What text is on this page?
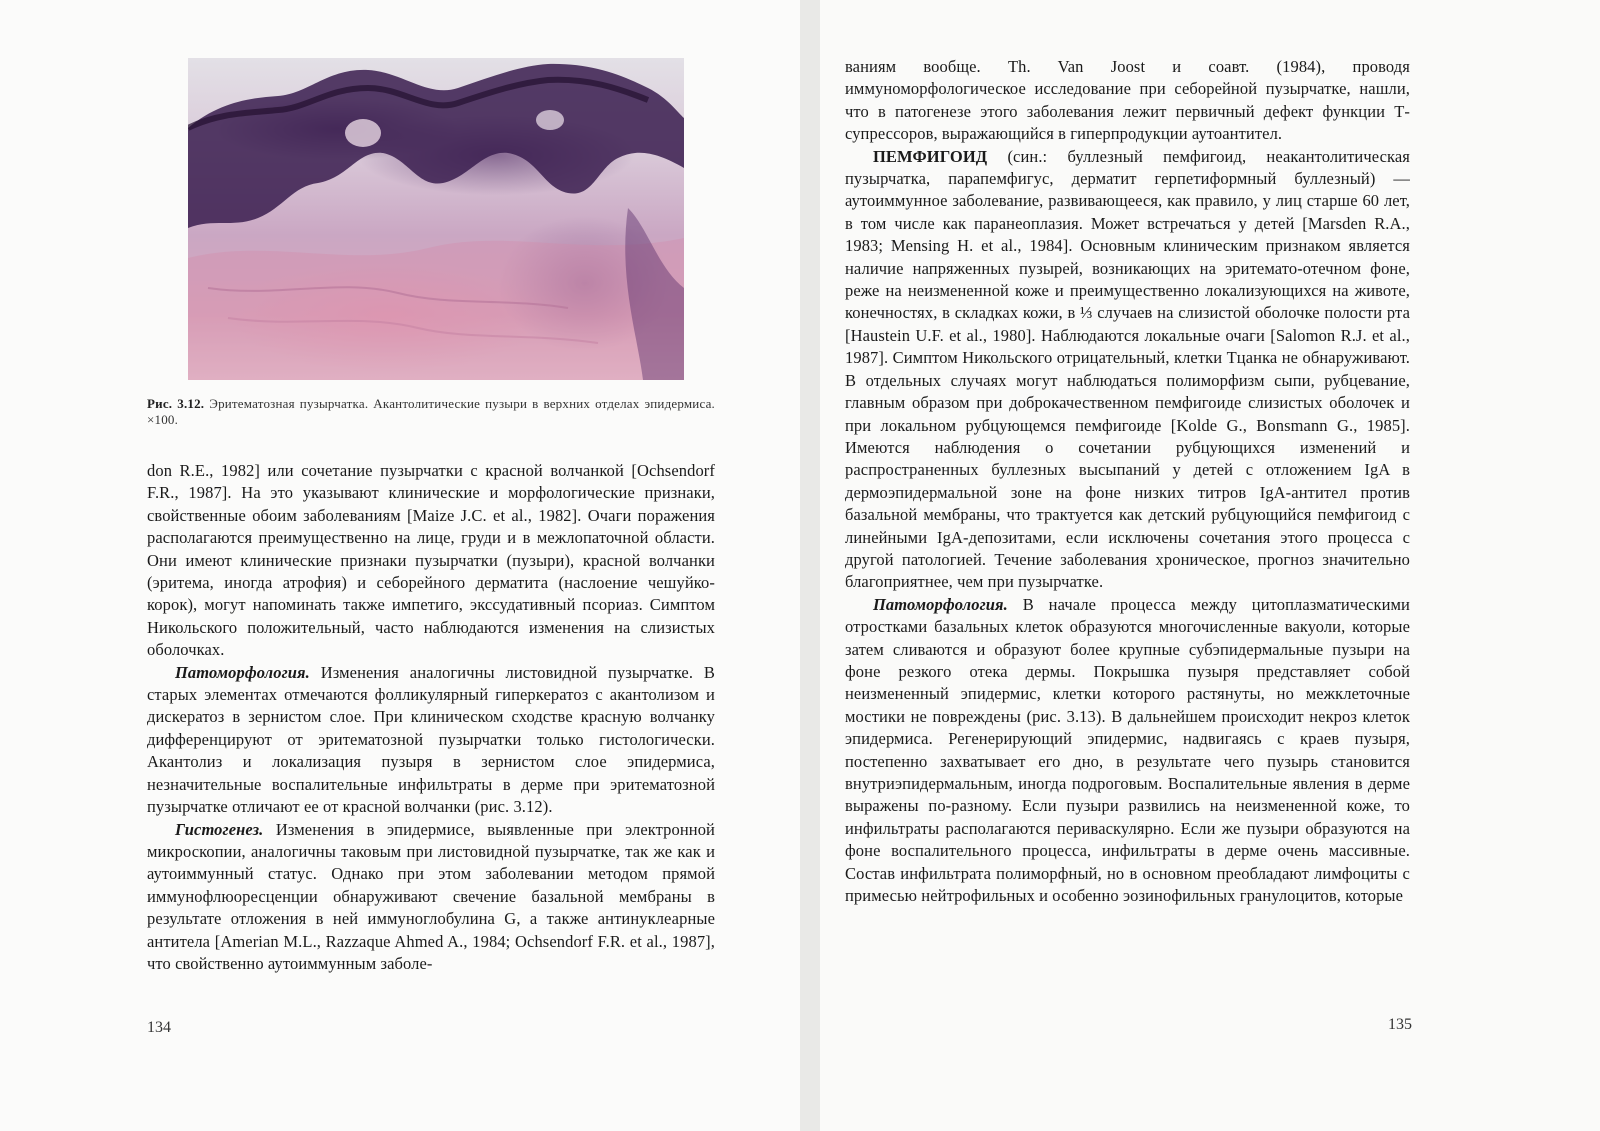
Рис. 3.12. Эритематозная пузырчатка. Акантолитические пузыри в верхних отделах эпидермиса. ×100.

don R.E., 1982] или сочетание пузырчатки с красной волчанкой [Ochsendorf F.R., 1987]. На это указывают клинические и морфологические признаки, свойственные обоим заболеваниям [Maize J.C. et al., 1982]. Очаги поражения располагаются преимущественно на лице, груди и в межлопаточной области. Они имеют клинические признаки пузырчатки (пузыри), красной волчанки (эритема, иногда атрофия) и себорейного дерматита (наслоение чешуйко-корок), могут напоминать также импетиго, экссудативный псориаз. Симптом Никольского положительный, часто наблюдаются изменения на слизистых оболочках.

Патоморфология. Изменения аналогичны листовидной пузырчатке. В старых элементах отмечаются фолликулярный гиперкератоз с акантолизом и дискератоз в зернистом слое. При клиническом сходстве красную волчанку дифференцируют от эритематозной пузырчатки только гистологически. Акантолиз и локализация пузыря в зернистом слое эпидермиса, незначительные воспалительные инфильтраты в дерме при эритематозной пузырчатке отличают ее от красной волчанки (рис. 3.12).

Гистогенез. Изменения в эпидермисе, выявленные при электронной микроскопии, аналогичны таковым при листовидной пузырчатке, так же как и аутоиммунный статус. Однако при этом заболевании методом прямой иммунофлюоресценции обнаруживают свечение базальной мембраны в результате отложения в ней иммуноглобулина G, а также антинуклеарные антитела [Amerian M.L., Razzaque Ahmed A., 1984; Ochsendorf F.R. et al., 1987], что свойственно аутоиммунным заболе-

134

ваниям вообще. Th. Van Joost и соавт. (1984), проводя иммуноморфологическое исследование при себорейной пузырчатке, нашли, что в патогенезе этого заболевания лежит первичный дефект функции Т-супрессоров, выражающийся в гиперпродукции аутоантител.

ПЕМФИГОИД (син.: буллезный пемфигоид, неакантолитическая пузырчатка, парапемфигус, дерматит герпетиформный буллезный) — аутоиммунное заболевание, развивающееся, как правило, у лиц старше 60 лет, в том числе как паранеоплазия. Может встречаться у детей [Marsden R.A., 1983; Mensing H. et al., 1984]. Основным клиническим признаком является наличие напряженных пузырей, возникающих на эритемато-отечном фоне, реже на неизмененной коже и преимущественно локализующихся на животе, конечностях, в складках кожи, в ⅓ случаев на слизистой оболочке полости рта [Haustein U.F. et al., 1980]. Наблюдаются локальные очаги [Salomon R.J. et al., 1987]. Симптом Никольского отрицательный, клетки Тцанка не обнаруживают. В отдельных случаях могут наблюдаться полиморфизм сыпи, рубцевание, главным образом при доброкачественном пемфигоиде слизистых оболочек и при локальном рубцующемся пемфигоиде [Kolde G., Bonsmann G., 1985]. Имеются наблюдения о сочетании рубцующихся изменений и распространенных буллезных высыпаний у детей с отложением IgA в дермоэпидермальной зоне на фоне низких титров IgA-антител против базальной мембраны, что трактуется как детский рубцующийся пемфигоид с линейными IgA-депозитами, если исключены сочетания этого процесса с другой патологией. Течение заболевания хроническое, прогноз значительно благоприятнее, чем при пузырчатке.

Патоморфология. В начале процесса между цитоплазматическими отростками базальных клеток образуются многочисленные вакуоли, которые затем сливаются и образуют более крупные субэпидермальные пузыри на фоне резкого отека дермы. Покрышка пузыря представляет собой неизмененный эпидермис, клетки которого растянуты, но межклеточные мостики не повреждены (рис. 3.13). В дальнейшем происходит некроз клеток эпидермиса. Регенерирующий эпидермис, надвигаясь с краев пузыря, постепенно захватывает его дно, в результате чего пузырь становится внутриэпидермальным, иногда подроговым. Воспалительные явления в дерме выражены по-разному. Если пузыри развились на неизмененной коже, то инфильтраты располагаются периваскулярно. Если же пузыри образуются на фоне воспалительного процесса, инфильтраты в дерме очень массивные. Состав инфильтрата полиморфный, но в основном преобладают лимфоциты с примесью нейтрофильных и особенно эозинофильных гранулоцитов, которые

135
